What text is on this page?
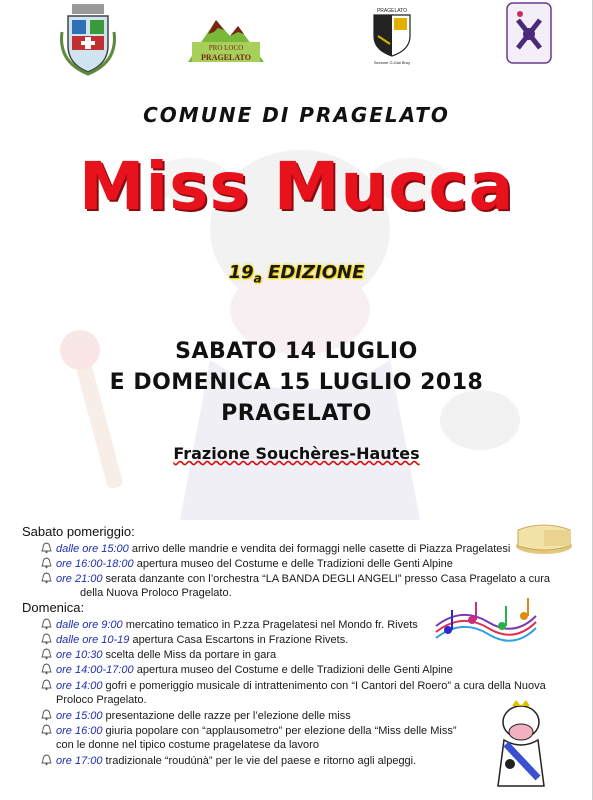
PRO LOCO
PRAGELATO
PRAGELATO
Sezione G.Giai Bruy
COMUNE DI PRAGELATO
Miss Mucca
$19_a$ EDIZIONE
SABATO 14 LUGLIO
E DOMENICA 15 LUGLIO 2018
PRAGELATO
Frazione Souchères-Hautes
Sabato pomeriggio:
dalle ore 15:00 arrivo delle mandrie e vendita dei formaggi nelle casette di Piazza Pragelatesi
ore 16:00-18:00 apertura museo del Costume e delle Tradizioni delle Genti Alpine
ore 21:00 serata danzante con l’orchestra “LA BANDA DEGLI ANGELI” presso Casa Pragelato a cura
della Nuova Proloco Pragelato.
Domenica:
dalle ore 9:00 mercatino tematico in P.zza Pragelatesi nel Mondo fr. Rivets
dalle ore 10-19 apertura Casa Escartons in Frazione Rivets.
ore 10:30 scelta delle Miss da portare in gara
ore 14:00-17:00 apertura museo del Costume e delle Tradizioni delle Genti Alpine
ore 14:00 gofri e pomeriggio musicale di intrattenimento con “I Cantori del Roero” a cura della Nuova
Proloco Pragelato.
ore 15:00 presentazione delle razze per l’elezione delle miss
ore 16:00 giuria popolare con “applausometro” per elezione della “Miss delle Miss”
con le donne nel tipico costume pragelatese da lavoro
ore 17:00 tradizionale “roudúnà” per le vie del paese e ritorno agli alpeggi.
